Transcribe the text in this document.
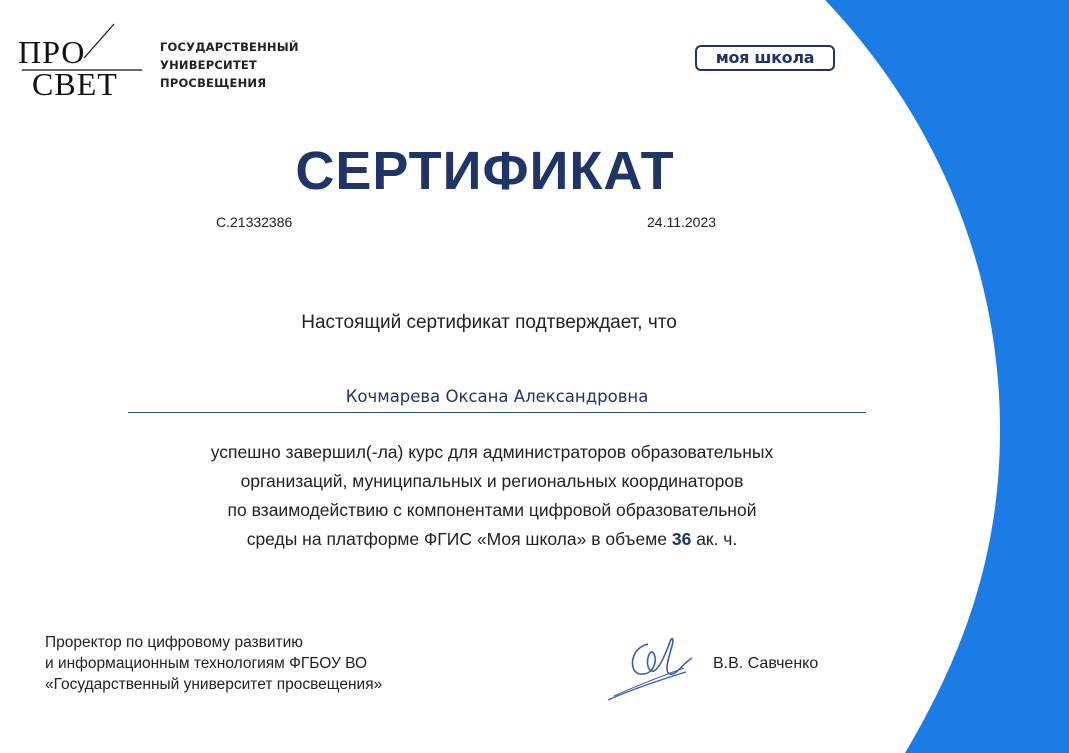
ПРО
СВЕТ
ГОСУДАРСТВЕННЫЙ
УНИВЕРСИТЕТ
ПРОСВЕЩЕНИЯ
моя школа
СЕРТИФИКАТ
С.21332386	24.11.2023
Настоящий сертификат подтверждает, что
Кочмарева Оксана Александровна
успешно завершил(-ла) курс для администраторов образовательных
организаций, муниципальных и региональных координаторов
по взаимодействию с компонентами цифровой образовательной
среды на платформе ФГИС «Моя школа» в объеме 36 ак. ч.
Проректор по цифровому развитию
и информационным технологиям ФГБОУ ВО
«Государственный университет просвещения»
В.В. Савченко
